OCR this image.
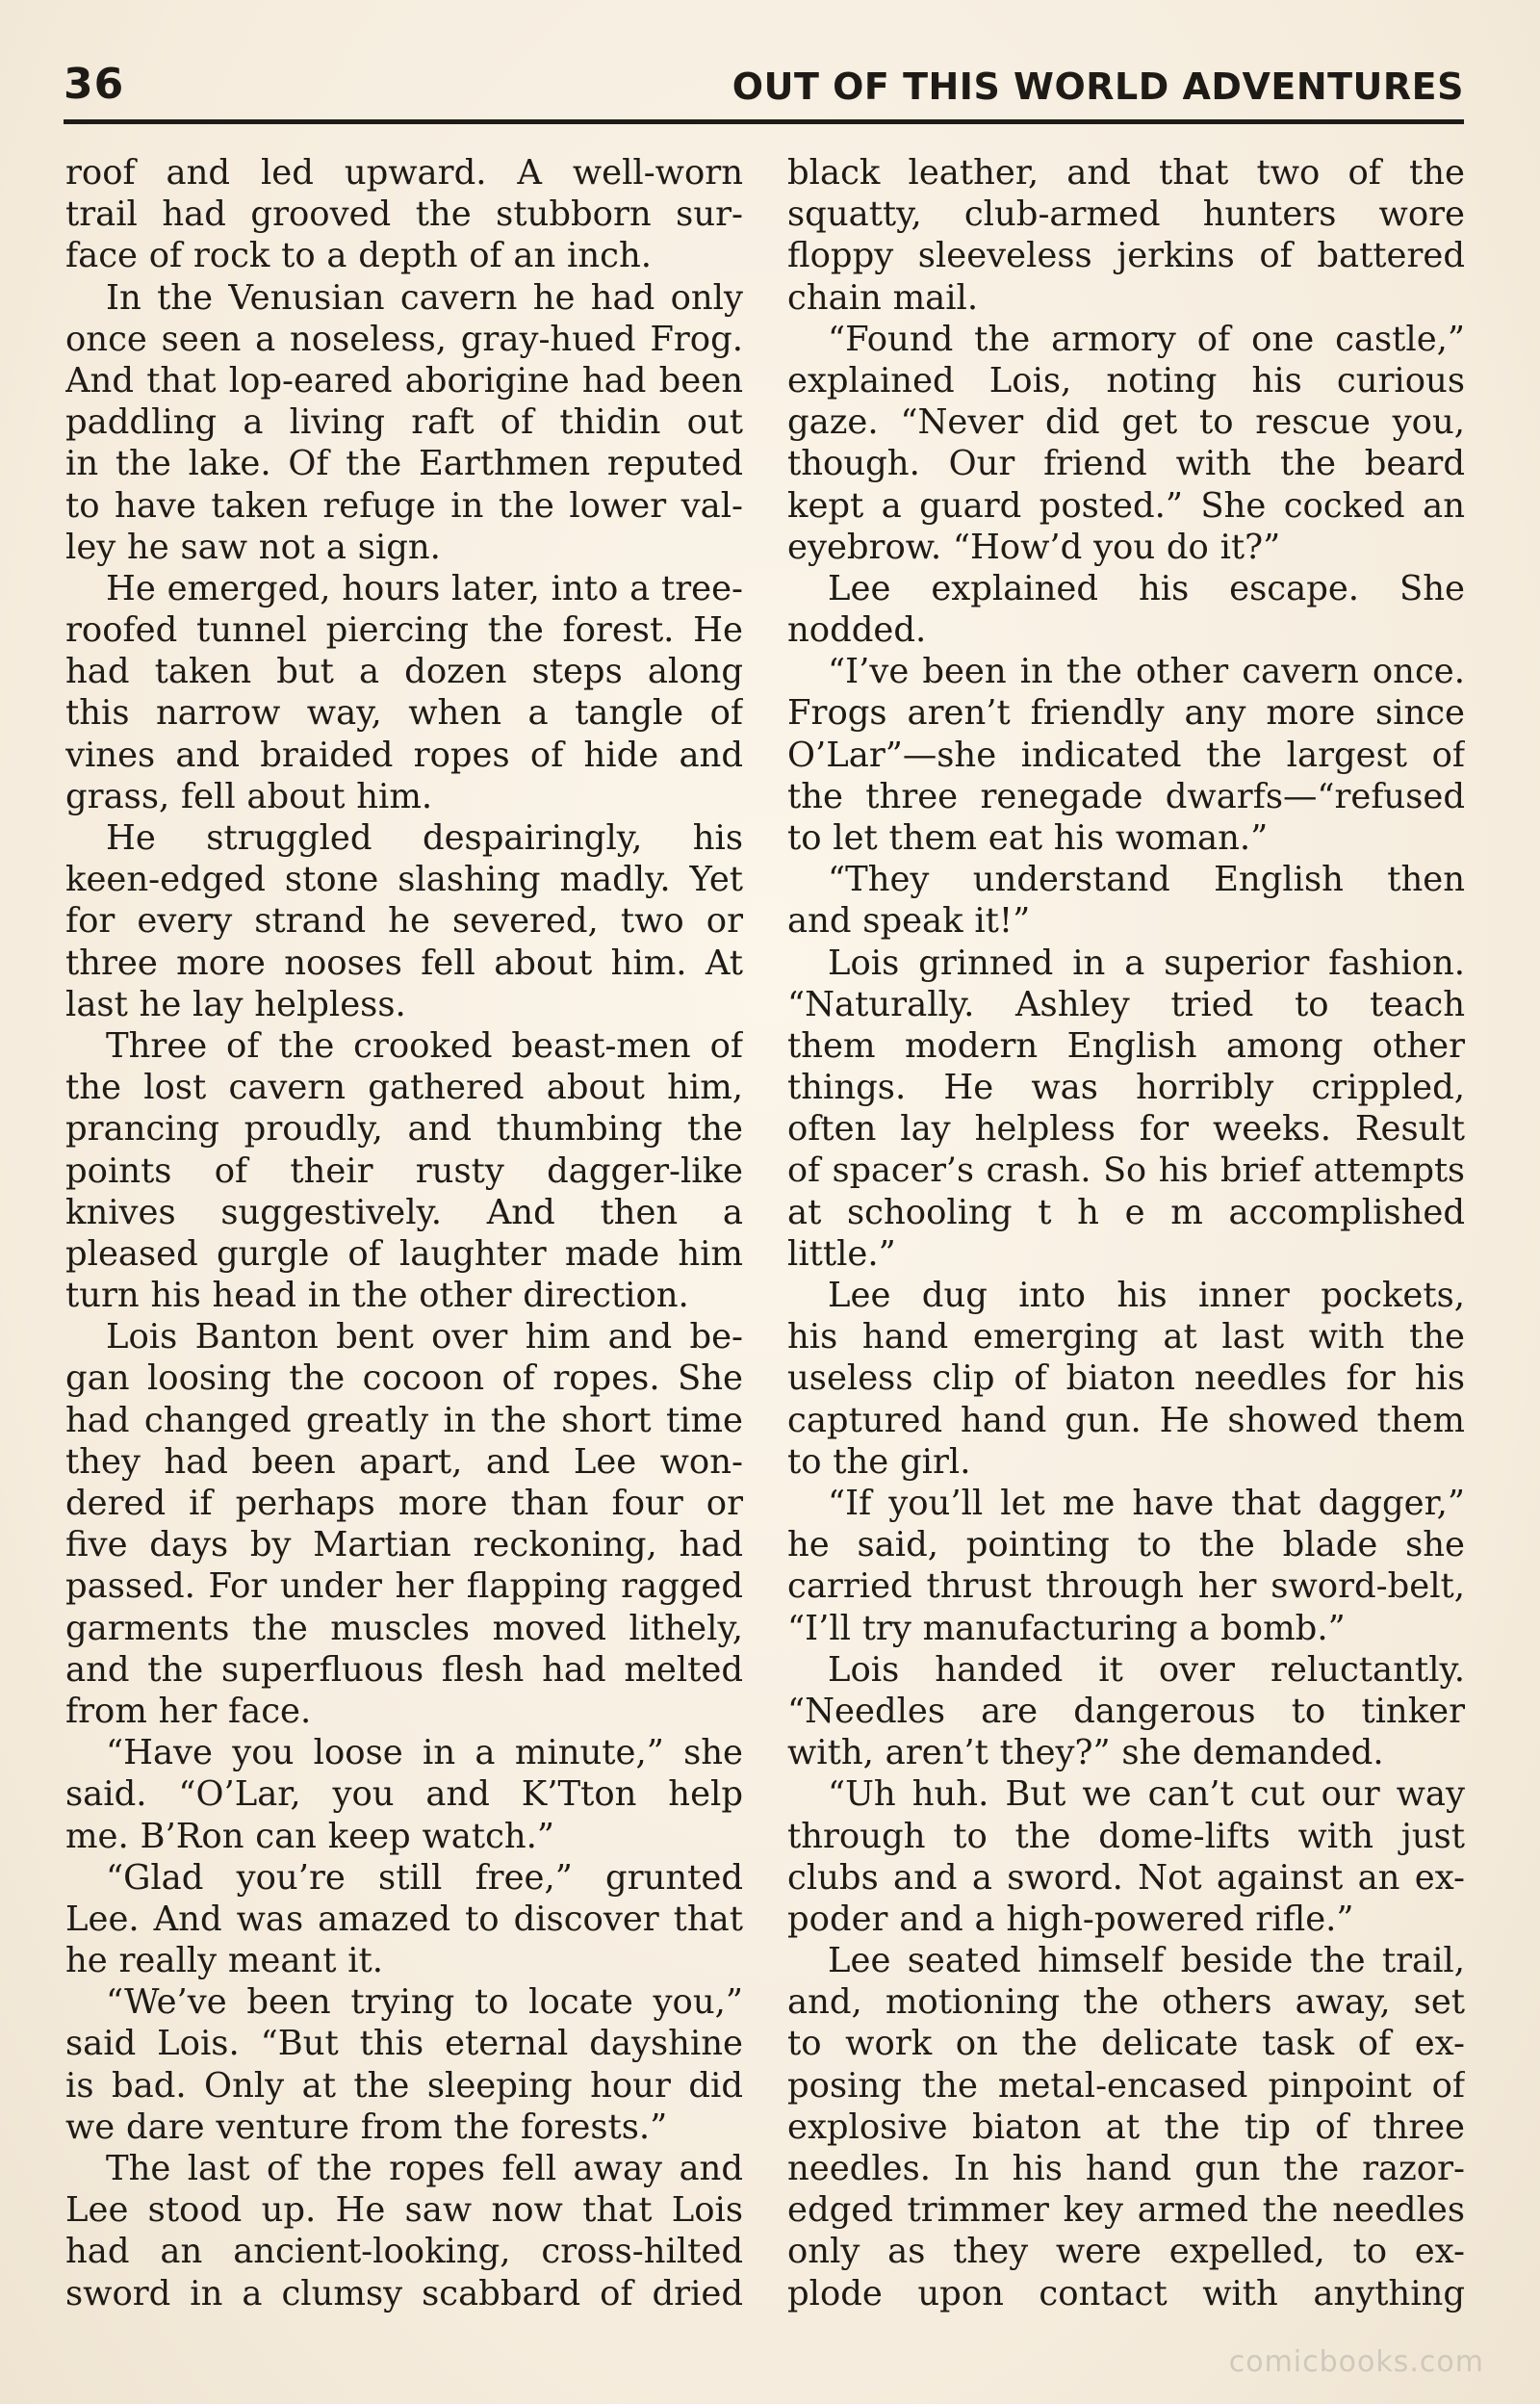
36	OUT OF THIS WORLD ADVENTURES
roof and led upward. A well-worn
trail had grooved the stubborn sur-
face of rock to a depth of an inch.
In the Venusian cavern he had only
once seen a noseless, gray-hued Frog.
And that lop-eared aborigine had been
paddling a living raft of thidin out
in the lake. Of the Earthmen reputed
to have taken refuge in the lower val-
ley he saw not a sign.
He emerged, hours later, into a tree-
roofed tunnel piercing the forest. He
had taken but a dozen steps along
this narrow way, when a tangle of
vines and braided ropes of hide and
grass, fell about him.
He struggled despairingly, his
keen-edged stone slashing madly. Yet
for every strand he severed, two or
three more nooses fell about him. At
last he lay helpless.
Three of the crooked beast-men of
the lost cavern gathered about him,
prancing proudly, and thumbing the
points of their rusty dagger-like
knives suggestively. And then a
pleased gurgle of laughter made him
turn his head in the other direction.
Lois Banton bent over him and be-
gan loosing the cocoon of ropes. She
had changed greatly in the short time
they had been apart, and Lee won-
dered if perhaps more than four or
five days by Martian reckoning, had
passed. For under her flapping ragged
garments the muscles moved lithely,
and the superfluous flesh had melted
from her face.
“Have you loose in a minute,” she
said. “O’Lar, you and K’Tton help
me. B’Ron can keep watch.”
“Glad you’re still free,” grunted
Lee. And was amazed to discover that
he really meant it.
“We’ve been trying to locate you,”
said Lois. “But this eternal dayshine
is bad. Only at the sleeping hour did
we dare venture from the forests.”
The last of the ropes fell away and
Lee stood up. He saw now that Lois
had an ancient-looking, cross-hilted
sword in a clumsy scabbard of dried
black leather, and that two of the
squatty, club-armed hunters wore
floppy sleeveless jerkins of battered
chain mail.
“Found the armory of one castle,”
explained Lois, noting his curious
gaze. “Never did get to rescue you,
though. Our friend with the beard
kept a guard posted.” She cocked an
eyebrow. “How’d you do it?”
Lee explained his escape. She
nodded.
“I’ve been in the other cavern once.
Frogs aren’t friendly any more since
O’Lar”—she indicated the largest of
the three renegade dwarfs—“refused
to let them eat his woman.”
“They understand English then
and speak it!”
Lois grinned in a superior fashion.
“Naturally. Ashley tried to teach
them modern English among other
things. He was horribly crippled,
often lay helpless for weeks. Result
of spacer’s crash. So his brief attempts
at schooling t h e m accomplished
little.”
Lee dug into his inner pockets,
his hand emerging at last with the
useless clip of biaton needles for his
captured hand gun. He showed them
to the girl.
“If you’ll let me have that dagger,”
he said, pointing to the blade she
carried thrust through her sword-belt,
“I’ll try manufacturing a bomb.”
Lois handed it over reluctantly.
“Needles are dangerous to tinker
with, aren’t they?” she demanded.
“Uh huh. But we can’t cut our way
through to the dome-lifts with just
clubs and a sword. Not against an ex-
poder and a high-powered rifle.”
Lee seated himself beside the trail,
and, motioning the others away, set
to work on the delicate task of ex-
posing the metal-encased pinpoint of
explosive biaton at the tip of three
needles. In his hand gun the razor-
edged trimmer key armed the needles
only as they were expelled, to ex-
plode upon contact with anything
comicbooks.com
